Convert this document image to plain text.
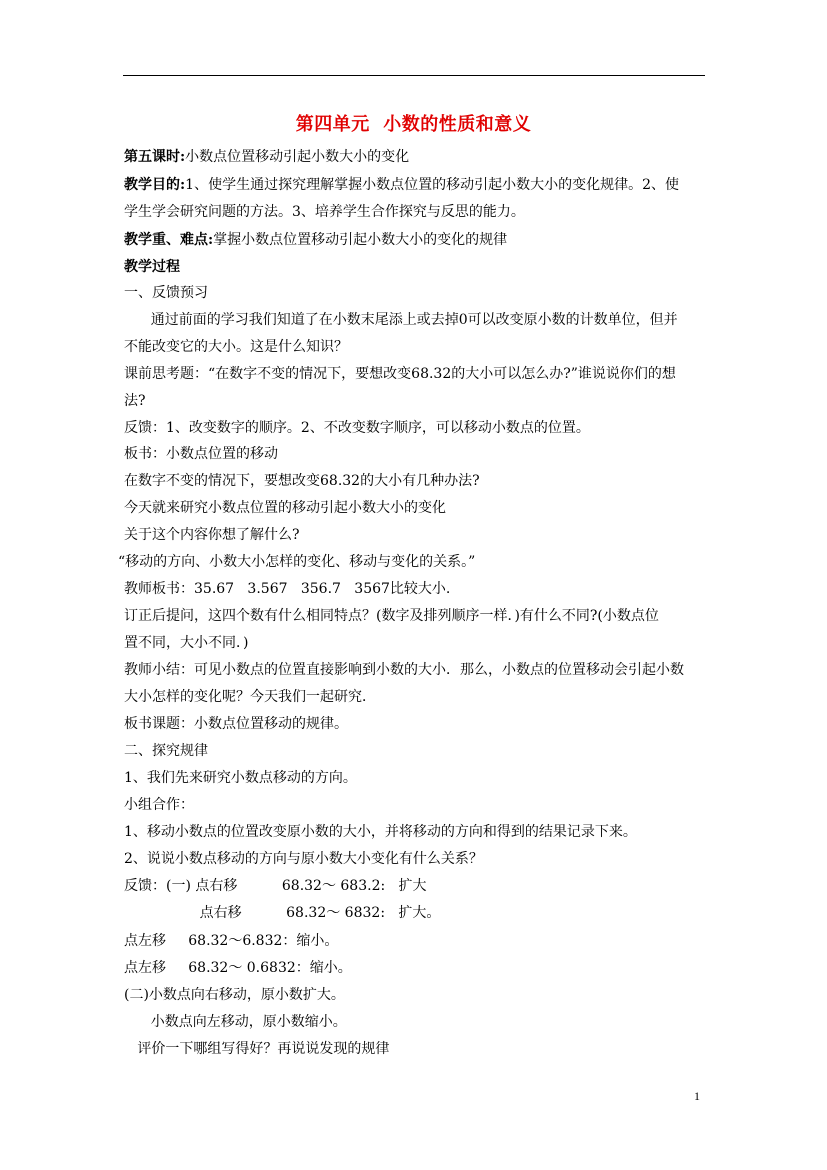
第四单元  小数的性质和意义
第五课时:小数点位置移动引起小数大小的变化
教学目的:1、使学生通过探究理解掌握小数点位置的移动引起小数大小的变化规律。2、使
学生学会研究问题的方法。3、培养学生合作探究与反思的能力。
教学重、难点:掌握小数点位置移动引起小数大小的变化的规律
教学过程
一、反馈预习
通过前面的学习我们知道了在小数末尾添上或去掉0可以改变原小数的计数单位，但并
不能改变它的大小。这是什么知识？
课前思考题：“在数字不变的情况下，要想改变68.32的大小可以怎么办?”谁说说你们的想
法?
反馈：1、改变数字的顺序。2、不改变数字顺序，可以移动小数点的位置。
板书：小数点位置的移动
在数字不变的情况下，要想改变68.32的大小有几种办法?
今天就来研究小数点位置的移动引起小数大小的变化
关于这个内容你想了解什么?
“移动的方向、小数大小怎样的变化、移动与变化的关系。”
教师板书：35.67   3.567   356.7   3567比较大小.
订正后提问，这四个数有什么相同特点？(数字及排列顺序一样．)有什么不同?(小数点位
置不同，大小不同．)
教师小结：可见小数点的位置直接影响到小数的大小．那么，小数点的位置移动会引起小数
大小怎样的变化呢？今天我们一起研究．
板书课题：小数点位置移动的规律。
二、探究规律
1、我们先来研究小数点移动的方向。
小组合作：
1、移动小数点的位置改变原小数的大小，并将移动的方向和得到的结果记录下来。
2、说说小数点移动的方向与原小数大小变化有什么关系？
反馈：(一) 点右移          68.32～ 683.2:   扩大
点右移          68.32～ 6832:   扩大。
点左移     68.32～6.832：缩小。
点左移     68.32～ 0.6832：缩小。
(二)小数点向右移动，原小数扩大。
小数点向左移动，原小数缩小。
评价一下哪组写得好？再说说发现的规律
1
